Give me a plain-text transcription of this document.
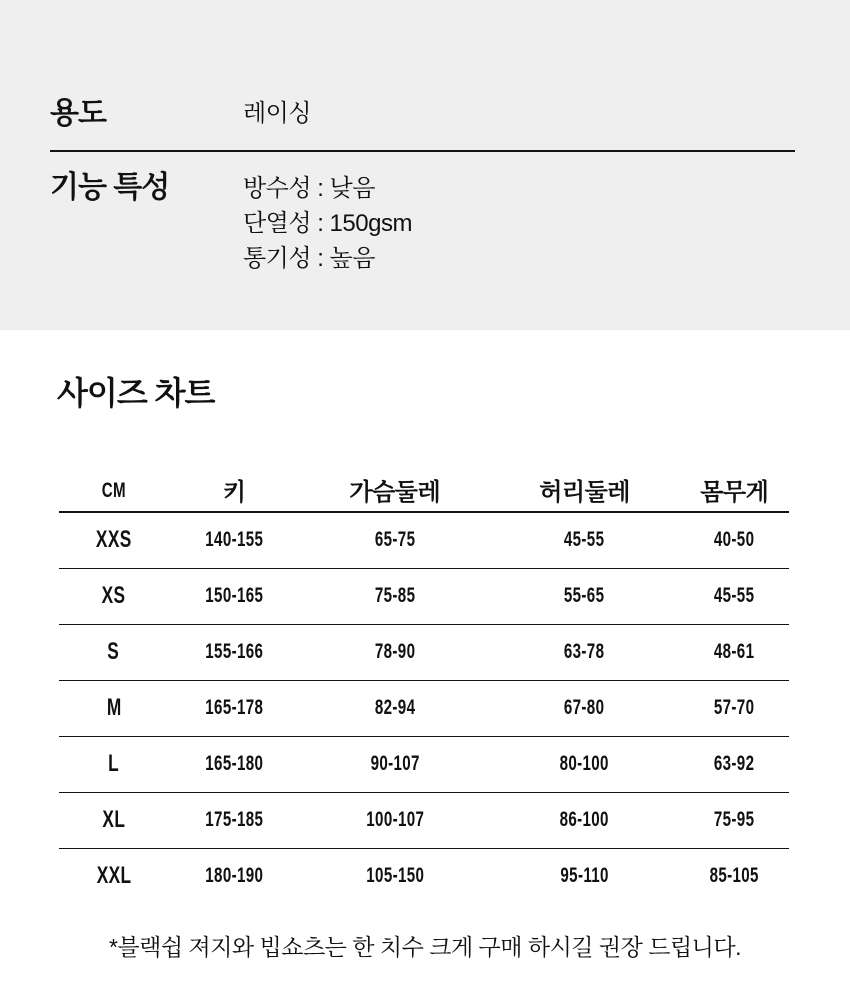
용도	레이싱
기능 특성	방수성 : 낮음
단열성 : 150gsm
통기성 : 높음
사이즈 차트
CM	키	가슴둘레	허리둘레	몸무게
XXS	140-155	65-75	45-55	40-50
XS	150-165	75-85	55-65	45-55
S	155-166	78-90	63-78	48-61
M	165-178	82-94	67-80	57-70
L	165-180	90-107	80-100	63-92
XL	175-185	100-107	86-100	75-95
XXL	180-190	105-150	95-110	85-105
*블랙쉽 져지와 빕쇼츠는 한 치수 크게 구매 하시길 권장 드립니다.
